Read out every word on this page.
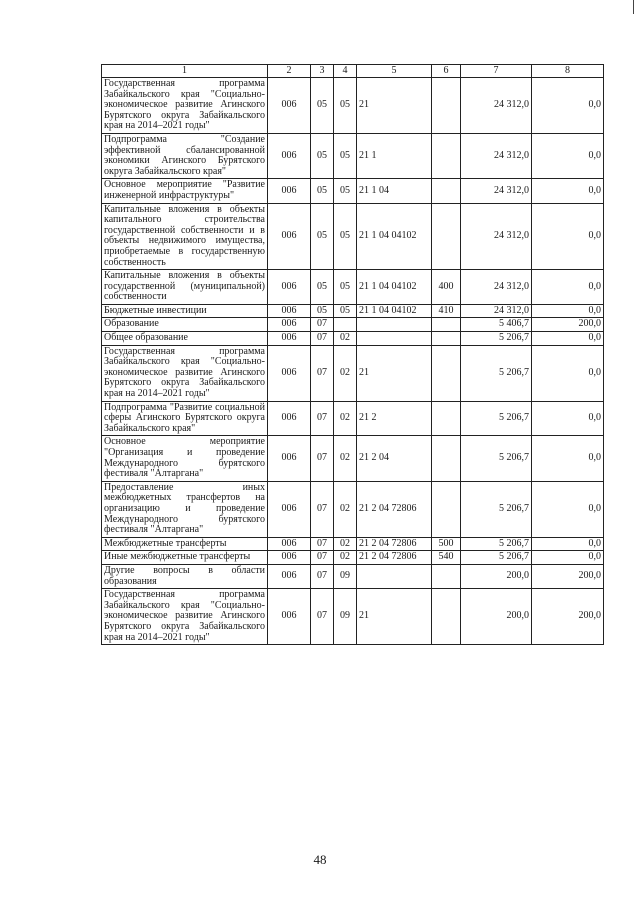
1	2	3	4	5	6	7	8
Государственная программа Забайкальского края "Социально-экономическое развитие Агинского Бурятского округа Забайкальского края на 2014–2021 годы"	006	05	05	21		24 312,0	0,0
Подпрограмма "Создание эффективной сбалансированной экономики Агинского Бурятского округа Забайкальского края"	006	05	05	21 1		24 312,0	0,0
Основное мероприятие "Развитие инженерной инфраструктуры"	006	05	05	21 1 04		24 312,0	0,0
Капитальные вложения в объекты капитального строительства государственной собственности и в объекты недвижимого имущества, приобретаемые в государственную собственность	006	05	05	21 1 04 04102		24 312,0	0,0
Капитальные вложения в объекты государственной (муниципальной) собственности	006	05	05	21 1 04 04102	400	24 312,0	0,0
Бюджетные инвестиции	006	05	05	21 1 04 04102	410	24 312,0	0,0
Образование	006	07				5 406,7	200,0
Общее образование	006	07	02			5 206,7	0,0
Государственная программа Забайкальского края "Социально-экономическое развитие Агинского Бурятского округа Забайкальского края на 2014–2021 годы"	006	07	02	21		5 206,7	0,0
Подпрограмма "Развитие социальной сферы Агинского Бурятского округа Забайкальского края"	006	07	02	21 2		5 206,7	0,0
Основное мероприятие "Организация и проведение Международного бурятского фестиваля "Алтаргана"	006	07	02	21 2 04		5 206,7	0,0
Предоставление иных межбюджетных трансфертов на организацию и проведение Международного бурятского фестиваля "Алтаргана"	006	07	02	21 2 04 72806		5 206,7	0,0
Межбюджетные трансферты	006	07	02	21 2 04 72806	500	5 206,7	0,0
Иные межбюджетные трансферты	006	07	02	21 2 04 72806	540	5 206,7	0,0
Другие вопросы в области образования	006	07	09			200,0	200,0
Государственная программа Забайкальского края "Социально-экономическое развитие Агинского Бурятского округа Забайкальского края на 2014–2021 годы"	006	07	09	21		200,0	200,0
48
